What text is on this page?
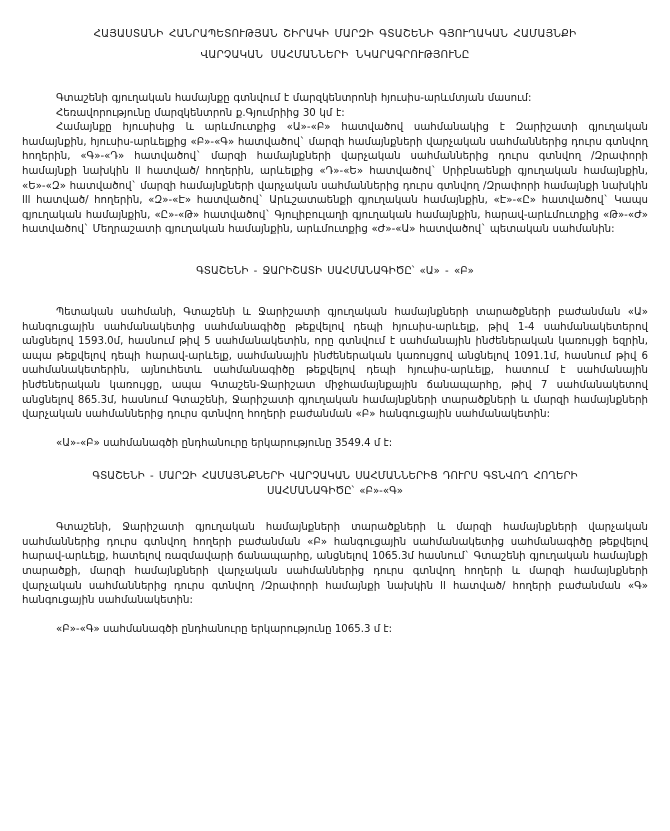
ՀԱՅԱՍՏԱՆԻ ՀԱՆՐԱՊԵՏՈՒԹՅԱՆ ՇԻՐԱԿԻ ՄԱՐԶԻ ԳՏԱՇԵՆԻ ԳՅՈՒՂԱԿԱՆ ՀԱՄԱՅՆՔԻ
ՎԱՐՉԱԿԱՆ ՍԱՀՄԱՆՆԵՐԻ ՆԿԱՐԱԳՐՈՒԹՅՈՒՆԸ

Գտաշենի գյուղական համայնքը գտնվում է մարզկենտրոնի հյուսիս-արևմտյան մասում:

Հեռավորությունը մարզկենտրոն ք.Գյումրիից 30 կմ է:

Համայնքը հյուսիսից և արևմուտքից «Ա»-«Բ» հատվածով սահմանակից է Զարիշատի գյուղական համայնքին, հյուսիս-արևելքից «Բ»-«Գ» հատվածով` մարզի համայնքների վարչական սահմաններից դուրս գտնվող հողերին, «Գ»-«Դ» հատվածով` մարզի համայնքների վարչական սահմաններից դուրս գտնվող /Զրափորի համայնքի նախկին ll հատված/ հողերին, արևելքից «Դ»-«Ե» հատվածով` Սրիբնաենքի գյուղական համայնքին, «Ե»-«Զ» հատվածով` մարզի համայնքների վարչական սահմաններից դուրս գտնվող /Զրափորի համայնքի նախկին lll հատված/ հողերին, «Զ»-«Է» հատվածով` Արևշատաենքի գյուղական համայնքին, «Է»-«Ը» հատվածով` Կապս գյուղական համայնքին, «Ը»-«Թ» հատվածով` Գյուլիբուլաղի գյուղական համայնքին, հարավ-արևմուտքից «Թ»-«Ժ» հատվածով` Մեղրաշատի գյուղական համայնքին, արևմուտքից «Ժ»-«Ա» հատվածով` պետական սահմանին:

ԳՏԱՇԵՆԻ - ՋԱՐԻՇԱՏԻ ՍԱՀՄԱՆԱԳԻԾԸ՝ «Ա» - «Բ»

Պետական սահմանի, Գտաշենի և Ջարիշատի գյուղական համայնքների տարածքների բաժանման «Ա» հանգուցային սահմանակետից սահմանագիծը թեքվելով դեպի հյուսիս-արևելք, թիվ 1-4 սահմանակետերով անցնելով 1593.0մ, հասնում թիվ 5 սահմանակետին, որը գտնվում է սահմանային ինժեներական կառույցի եզրին, ապա թեքվելով դեպի հարավ-արևելք, սահմանային ինժեներական կառույցով անցնելով 1091.1մ, հասնում թիվ 6 սահմանակետերին, այնուհետև սահմանագիծը թեքվելով դեպի հյուսիս-արևելք, հատում է սահմանային ինժեներական կառույցը, ապա Գտաշեն-Ջարիշատ միջհամայնքային ճանապարհը, թիվ 7 սահմանակետով անցնելով 865.3մ, հասնում Գտաշենի, Ջարիշատի գյուղական համայնքների տարածքների և մարզի համայնքների վարչական սահմաններից դուրս գտնվող հողերի բաժանման «Բ» հանգուցային սահմանակետին:

«Ա»-«Բ» սահմանագծի ընդհանուրը երկարությունը 3549.4 մ է:
ԳՏԱՇԵՆԻ - ՄԱՐԶԻ ՀԱՄԱՅՆՔՆԵՐԻ ՎԱՐՉԱԿԱՆ ՍԱՀՄԱՆՆԵՐԻՑ ԴՈՒՐՍ ԳՏՆՎՈՂ ՀՈՂԵՐԻ
ՍԱՀՄԱՆԱԳԻԾԸ՝ «Բ»-«Գ»

Գտաշենի, Ջարիշատի գյուղական համայնքների տարածքների և մարզի համայնքների վարչական սահմաններից դուրս գտնվող հողերի բաժանման «Բ» հանգուցային սահմանակետից սահմանագիծը թեքվելով հարավ-արևելք, հատելով ռազմավարի ճանապարհը, անցնելով 1065.3մ հասնում` Գտաշենի գյուղական համայնքի տարածքի, մարզի համայնքների վարչական սահմաններից դուրս գտնվող հողերի և մարզի համայնքների վարչական սահմաններից դուրս գտնվող /Զրափորի համայնքի նախկին ll հատված/ հողերի բաժանման «Գ» հանգուցային սահմանակետին:

«Բ»-«Գ» սահմանագծի ընդհանուրը երկարությունը 1065.3 մ է:
